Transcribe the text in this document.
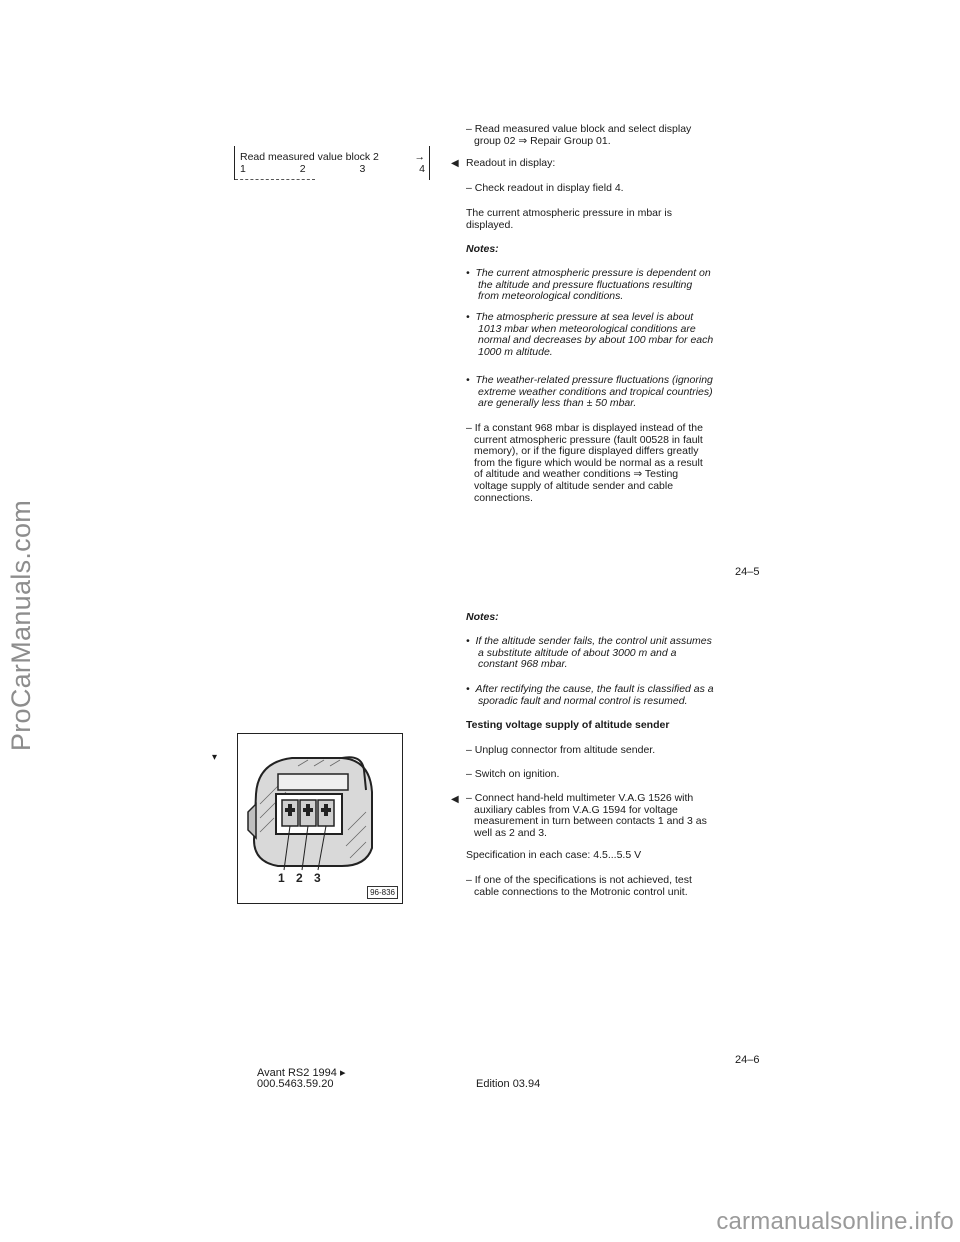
ProCarManuals.com
Read measured value block 2	→
1	2	3	4
– Read measured value block and select display group 02 ⇒ Repair Group 01.
Readout in display:
– Check readout in display field 4.
The current atmospheric pressure in mbar is displayed.
Notes:
•  The current atmospheric pressure is dependent on the altitude and pressure fluctuations resulting from meteorological conditions.
•  The atmospheric pressure at sea level is about 1013 mbar when meteorological conditions are normal and decreases by about 100 mbar for each 1000 m altitude.
•  The weather-related pressure fluctuations (ignoring extreme weather conditions and tropical countries) are generally less than ± 50 mbar.
– If a constant 968 mbar is displayed instead of the current atmospheric pressure (fault 00528 in fault memory), or if the figure displayed differs greatly from the figure which would be normal as a result of altitude and weather conditions ⇒ Testing voltage supply of altitude sender and cable connections.
◀
◀
24–5
▾
1 2 3
96-836
Notes:
•  If the altitude sender fails, the control unit assumes a substitute altitude of about 3000 m and a constant 968 mbar.
•  After rectifying the cause, the fault is classified as a sporadic fault and normal control is resumed.
Testing voltage supply of altitude sender
– Unplug connector from altitude sender.
– Switch on ignition.
– Connect hand-held multimeter V.A.G 1526 with auxiliary cables from V.A.G 1594 for voltage measurement in turn between contacts 1 and 3 as well as 2 and 3.
Specification in each case: 4.5...5.5 V
– If one of the specifications is not achieved, test cable connections to the Motronic control unit.
24–6
Avant RS2 1994 ▸
000.5463.59.20	Edition 03.94
carmanualsonline.info
